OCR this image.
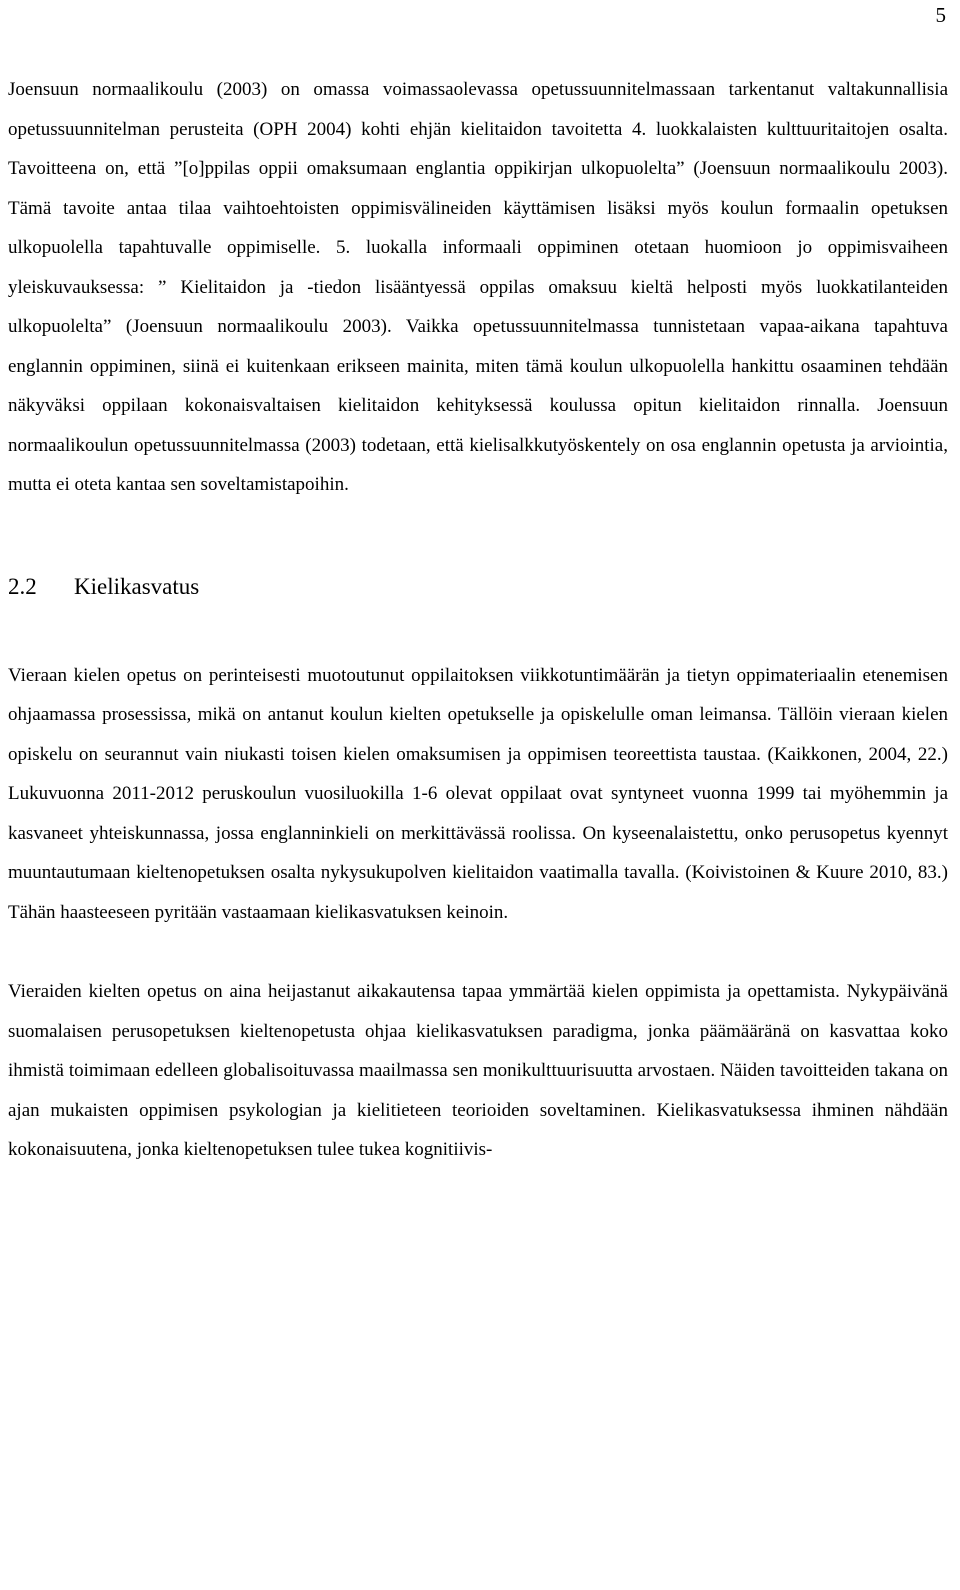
5

Joensuun normaalikoulu (2003) on omassa voimassaolevassa opetussuunnitelmassaan tarkentanut valtakunnallisia opetussuunnitelman perusteita (OPH 2004) kohti ehjän kielitaidon tavoitetta 4. luokkalaisten kulttuuritaitojen osalta. Tavoitteena on, että ”[o]ppilas oppii omaksumaan englantia oppikirjan ulkopuolelta” (Joensuun normaalikoulu 2003). Tämä tavoite antaa tilaa vaihtoehtoisten oppimisvälineiden käyttämisen lisäksi myös koulun formaalin opetuksen ulkopuolella tapahtuvalle oppimiselle. 5. luokalla informaali oppiminen otetaan huomioon jo oppimisvaiheen yleiskuvauksessa: ” Kielitaidon ja -tiedon lisääntyessä oppilas omaksuu kieltä helposti myös luokkatilanteiden ulkopuolelta” (Joensuun normaalikoulu 2003). Vaikka opetussuunnitelmassa tunnistetaan vapaa-aikana tapahtuva englannin oppiminen, siinä ei kuitenkaan erikseen mainita, miten tämä koulun ulkopuolella hankittu osaaminen tehdään näkyväksi oppilaan kokonaisvaltaisen kielitaidon kehityksessä koulussa opitun kielitaidon rinnalla. Joensuun normaalikoulun opetussuunnitelmassa (2003) todetaan, että kielisalkkutyöskentely on osa englannin opetusta ja arviointia, mutta ei oteta kantaa sen soveltamistapoihin.

2.2	Kielikasvatus

Vieraan kielen opetus on perinteisesti muotoutunut oppilaitoksen viikkotuntimäärän ja tietyn oppimateriaalin etenemisen ohjaamassa prosessissa, mikä on antanut koulun kielten opetukselle ja opiskelulle oman leimansa. Tällöin vieraan kielen opiskelu on seurannut vain niukasti toisen kielen omaksumisen ja oppimisen teoreettista taustaa. (Kaikkonen, 2004, 22.) Lukuvuonna 2011-2012 peruskoulun vuosiluokilla 1-6 olevat oppilaat ovat syntyneet vuonna 1999 tai myöhemmin ja kasvaneet yhteiskunnassa, jossa englanninkieli on merkittävässä roolissa. On kyseenalaistettu, onko perusopetus kyennyt muuntautumaan kieltenopetuksen osalta nykysukupolven kielitaidon vaatimalla tavalla. (Koivistoinen & Kuure 2010, 83.) Tähän haasteeseen pyritään vastaamaan kielikasvatuksen keinoin.

Vieraiden kielten opetus on aina heijastanut aikakautensa tapaa ymmärtää kielen oppimista ja opettamista. Nykypäivänä suomalaisen perusopetuksen kieltenopetusta ohjaa kielikasvatuksen paradigma, jonka päämääränä on kasvattaa koko ihmistä toimimaan edelleen globalisoituvassa maailmassa sen monikulttuurisuutta arvostaen. Näiden tavoitteiden takana on ajan mukaisten oppimisen psykologian ja kielitieteen teorioiden soveltaminen. Kielikasvatuksessa ihminen nähdään kokonaisuutena, jonka kieltenopetuksen tulee tukea kognitiivis-
